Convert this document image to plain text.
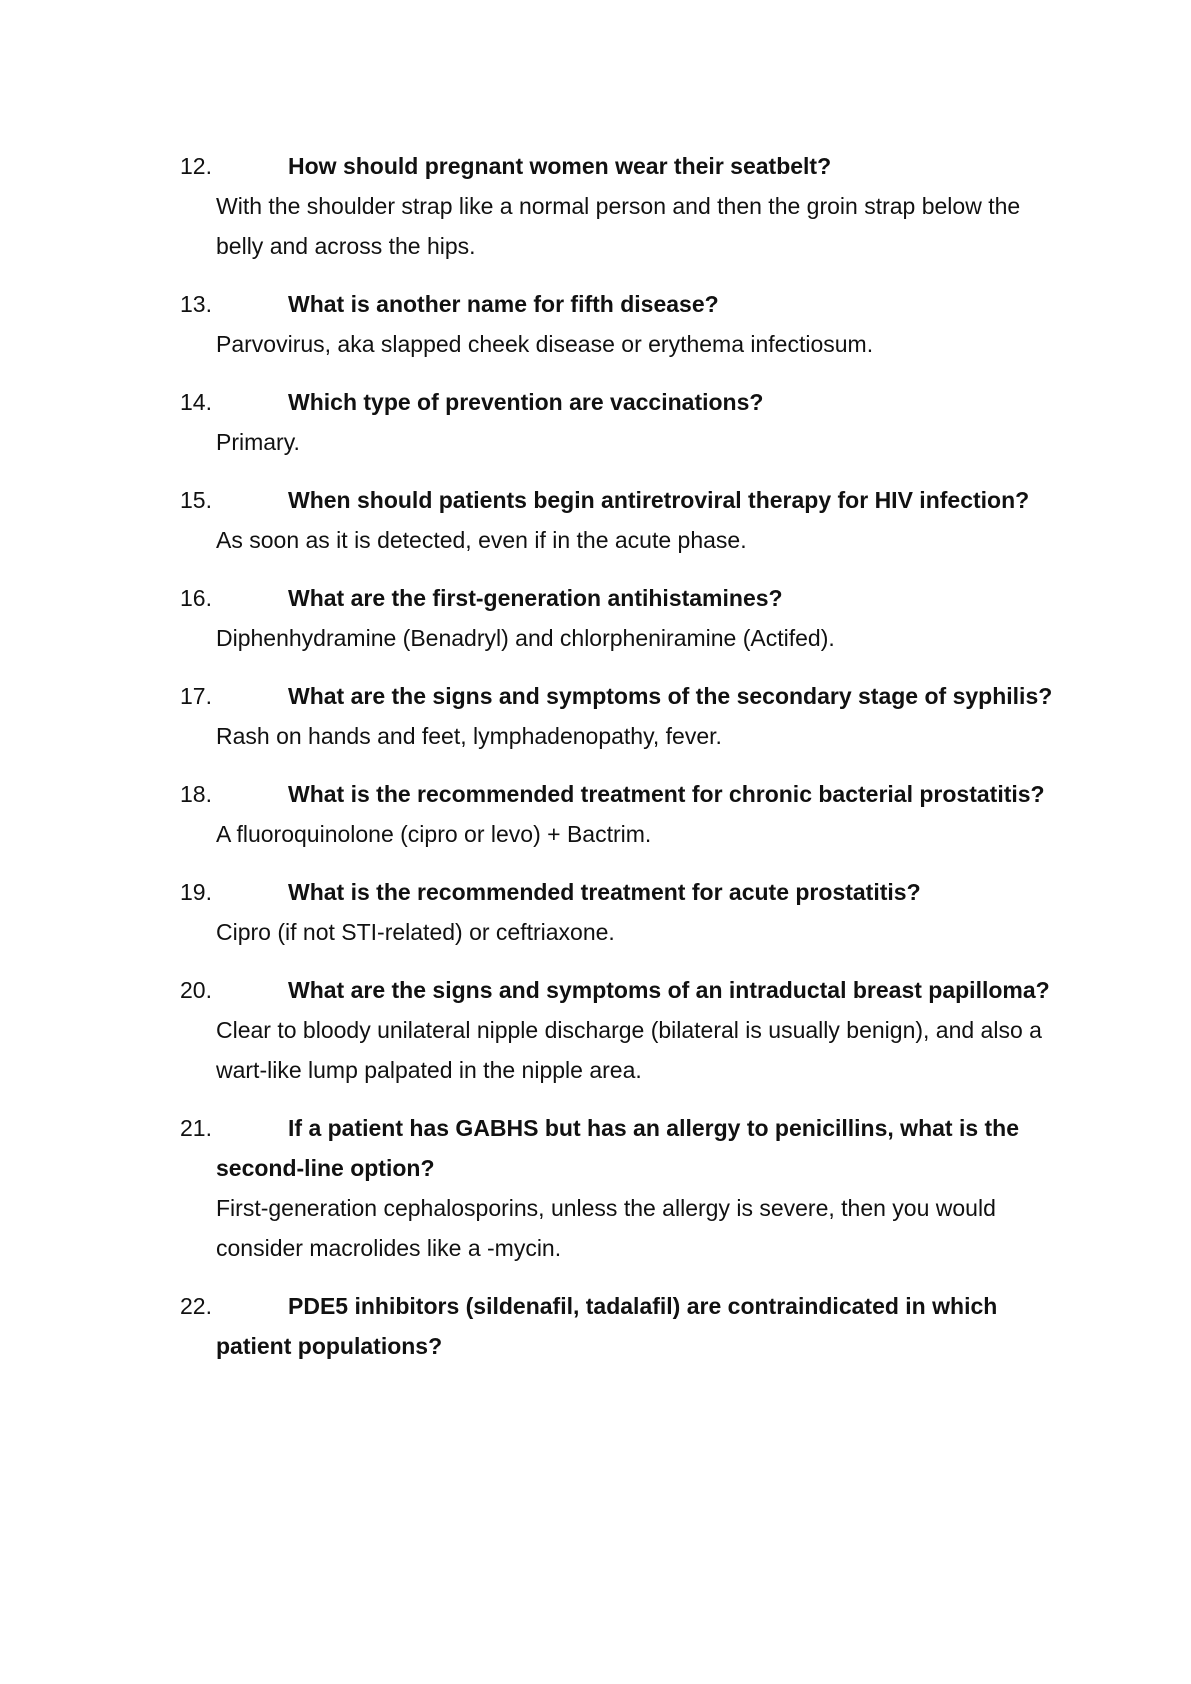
12.	How should pregnant women wear their seatbelt?
With the shoulder strap like a normal person and then the groin strap below the belly and across the hips.
13.	What is another name for fifth disease?
Parvovirus, aka slapped cheek disease or erythema infectiosum.
14.	Which type of prevention are vaccinations?
Primary.
15.	When should patients begin antiretroviral therapy for HIV infection?
As soon as it is detected, even if in the acute phase.
16.	What are the first-generation antihistamines?
Diphenhydramine (Benadryl) and chlorpheniramine (Actifed).
17.	What are the signs and symptoms of the secondary stage of syphilis?
Rash on hands and feet, lymphadenopathy, fever.
18.	What is the recommended treatment for chronic bacterial prostatitis?
A fluoroquinolone (cipro or levo) + Bactrim.
19.	What is the recommended treatment for acute prostatitis?
Cipro (if not STI-related) or ceftriaxone.
20.	What are the signs and symptoms of an intraductal breast papilloma?
Clear to bloody unilateral nipple discharge (bilateral is usually benign), and also a wart-like lump palpated in the nipple area.
21.	If a patient has GABHS but has an allergy to penicillins, what is the second-line option?
First-generation cephalosporins, unless the allergy is severe, then you would consider macrolides like a -mycin.
22.	PDE5 inhibitors (sildenafil, tadalafil) are contraindicated in which patient populations?
